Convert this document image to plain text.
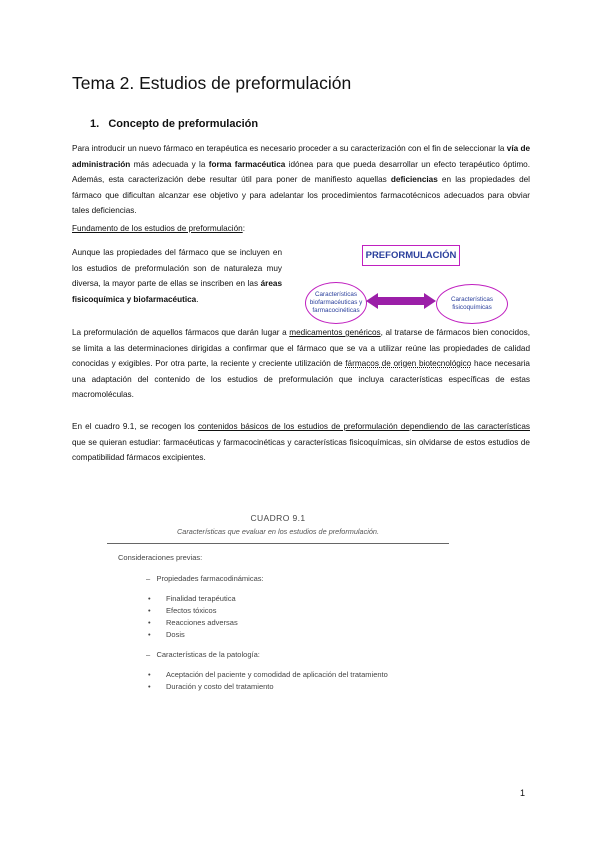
Tema 2. Estudios de preformulación
1. Concepto de preformulación

Para introducir un nuevo fármaco en terapéutica es necesario proceder a su caracterización con el fin de seleccionar la vía de administración más adecuada y la forma farmacéutica idónea para que pueda desarrollar un efecto terapéutico óptimo. Además, esta caracterización debe resultar útil para poner de manifiesto aquellas deficiencias en las propiedades del fármaco que dificultan alcanzar ese objetivo y para adelantar los procedimientos farmacotécnicos adecuados para obviar tales deficiencias.

Fundamento de los estudios de preformulación:

Aunque las propiedades del fármaco que se incluyen en los estudios de preformulación son de naturaleza muy diversa, la mayor parte de ellas se inscriben en las áreas fisicoquímica y biofarmacéutica.

PREFORMULACIÓN
Características biofarmacéuticas y farmacocinéticas
Características fisicoquímicas

La preformulación de aquellos fármacos que darán lugar a medicamentos genéricos, al tratarse de fármacos bien conocidos, se limita a las determinaciones dirigidas a confirmar que el fármaco que se va a utilizar reúne las propiedades de calidad conocidas y exigibles. Por otra parte, la reciente y creciente utilización de fármacos de origen biotecnológico hace necesaria una adaptación del contenido de los estudios de preformulación que incluya características específicas de estas macromoléculas.

En el cuadro 9.1, se recogen los contenidos básicos de los estudios de preformulación dependiendo de las características que se quieran estudiar: farmacéuticas y farmacocinéticas y características fisicoquímicas, sin olvidarse de estos estudios de compatibilidad fármacos excipientes.

CUADRO 9.1
Características que evaluar en los estudios de preformulación.
Consideraciones previas:
–   Propiedades farmacodinámicas:
• Finalidad terapéutica
• Efectos tóxicos
• Reacciones adversas
• Dosis
–   Características de la patología:
• Aceptación del paciente y comodidad de aplicación del tratamiento
• Duración y costo del tratamiento
1
